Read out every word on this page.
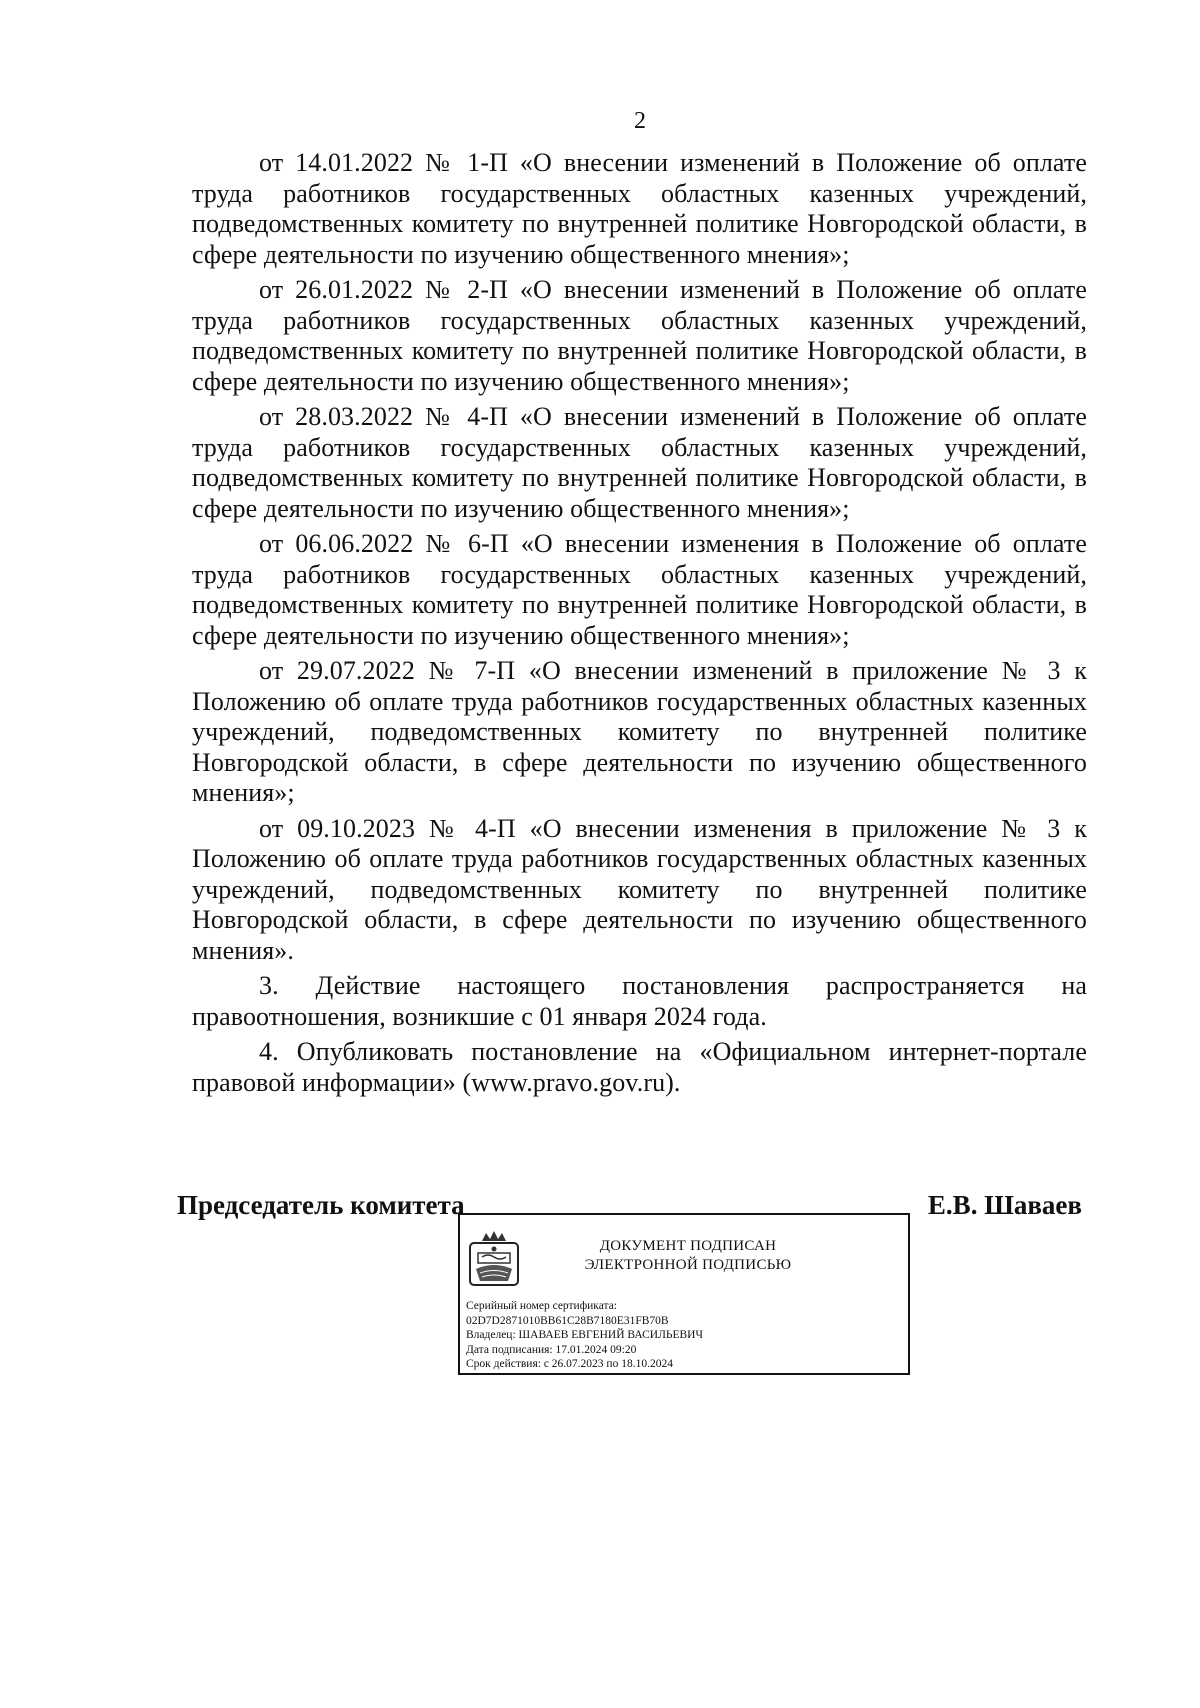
2

от 14.01.2022 № 1-П «О внесении изменений в Положение об оплате труда работников государственных областных казенных учреждений, подведомственных комитету по внутренней политике Новгородской области, в сфере деятельности по изучению общественного мнения»;

от 26.01.2022 № 2-П «О внесении изменений в Положение об оплате труда работников государственных областных казенных учреждений, подведомственных комитету по внутренней политике Новгородской области, в сфере деятельности по изучению общественного мнения»;

от 28.03.2022 № 4-П «О внесении изменений в Положение об оплате труда работников государственных областных казенных учреждений, подведомственных комитету по внутренней политике Новгородской области, в сфере деятельности по изучению общественного мнения»;

от 06.06.2022 № 6-П «О внесении изменения в Положение об оплате труда работников государственных областных казенных учреждений, подведомственных комитету по внутренней политике Новгородской области, в сфере деятельности по изучению общественного мнения»;

от 29.07.2022 № 7-П «О внесении изменений в приложение № 3 к Положению об оплате труда работников государственных областных казенных учреждений, подведомственных комитету по внутренней политике Новгородской области, в сфере деятельности по изучению общественного мнения»;

от 09.10.2023 № 4-П «О внесении изменения в приложение № 3 к Положению об оплате труда работников государственных областных казенных учреждений, подведомственных комитету по внутренней политике Новгородской области, в сфере деятельности по изучению общественного мнения».

3. Действие настоящего постановления распространяется на правоотношения, возникшие с 01 января 2024 года.

4. Опубликовать постановление на «Официальном интернет-портале правовой информации» (www.pravo.gov.ru).

Председатель комитета	Е.В. Шаваев
ДОКУМЕНТ ПОДПИСАН
ЭЛЕКТРОННОЙ ПОДПИСЬЮ
Серийный номер сертификата:
02D7D2871010BB61C28B7180E31FB70B
Владелец: ШАВАЕВ ЕВГЕНИЙ ВАСИЛЬЕВИЧ
Дата подписания: 17.01.2024 09:20
Срок действия: с 26.07.2023 по 18.10.2024
